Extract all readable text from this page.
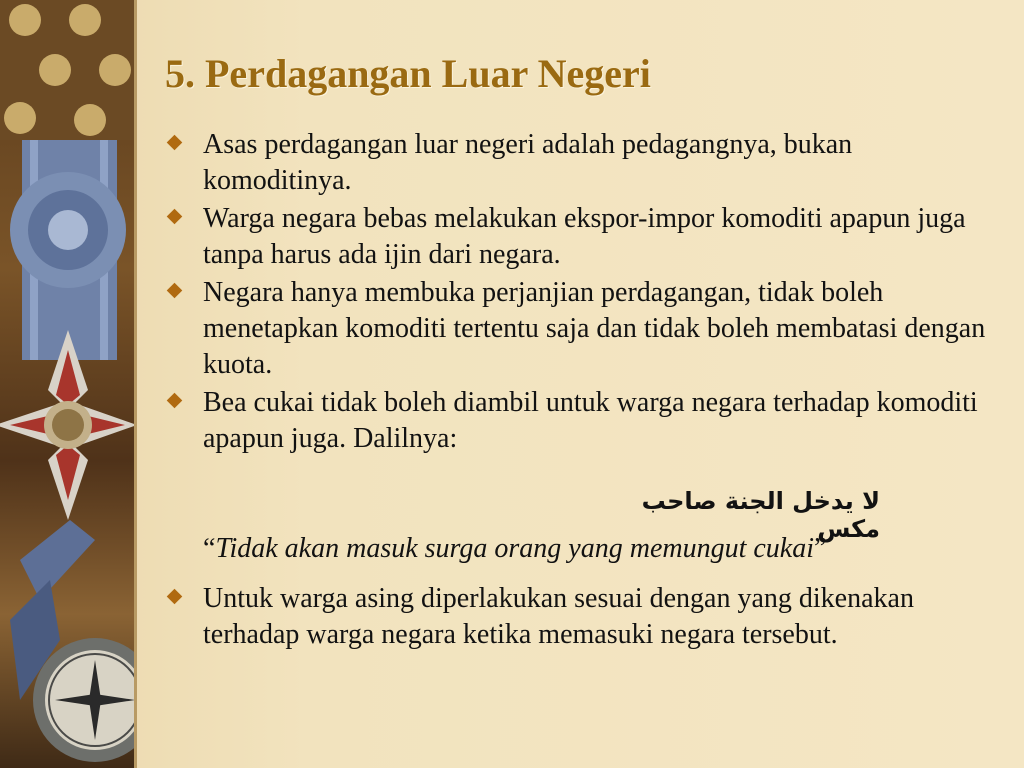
5. Perdagangan Luar Negeri
Asas perdagangan luar negeri adalah pedagangnya, bukan komoditinya.
Warga negara bebas melakukan ekspor-impor komoditi apapun juga tanpa harus ada ijin dari negara.
Negara hanya membuka perjanjian perdagangan, tidak boleh menetapkan komoditi tertentu saja dan tidak boleh membatasi dengan kuota.
Bea cukai tidak boleh diambil untuk warga negara terhadap komoditi apapun juga. Dalilnya:
لا يدخل الجنة صاحب مكس
“Tidak akan masuk surga orang yang memungut cukai”
Untuk warga asing diperlakukan sesuai dengan yang dikenakan terhadap warga negara ketika memasuki negara tersebut.
